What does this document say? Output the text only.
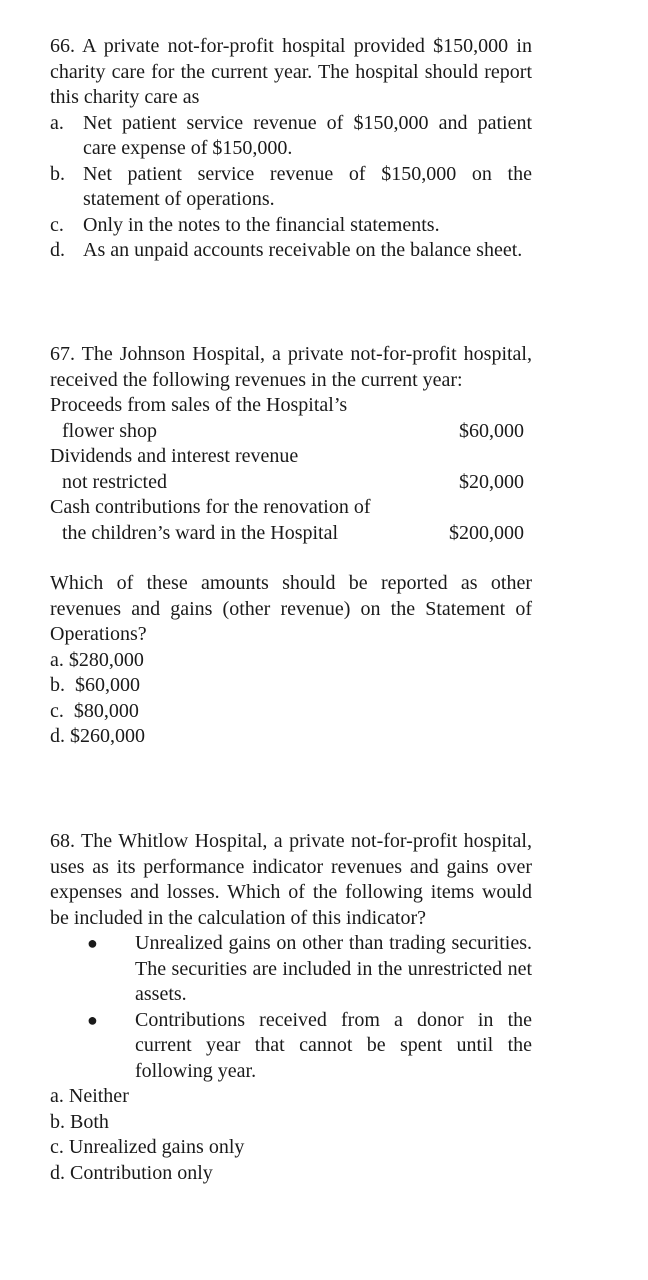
66. A private not-for-profit hospital provided $150,000 in charity care for the current year. The hospital should report this charity care as

a. Net patient service revenue of $150,000 and patient care expense of $150,000.
b. Net patient service revenue of $150,000 on the statement of operations.
c. Only in the notes to the financial statements.
d. As an unpaid accounts receivable on the balance sheet.

67. The Johnson Hospital, a private not-for-profit hospital, received the following revenues in the current year:

Proceeds from sales of the Hospital’s
flower shop	$60,000
Dividends and interest revenue
not restricted	$20,000
Cash contributions for the renovation of
the children’s ward in the Hospital	$200,000

Which of these amounts should be reported as other revenues and gains (other revenue) on the Statement of Operations?

a. $280,000

b.  $60,000

c.  $80,000

d. $260,000

68. The Whitlow Hospital, a private not-for-profit hospital, uses as its performance indicator revenues and gains over expenses and losses. Which of the following items would be included in the calculation of this indicator?

●	Unrealized gains on other than trading securities. The securities are included in the unrestricted net assets.
●	Contributions received from a donor in the current year that cannot be spent until the following year.

a. Neither

b. Both

c. Unrealized gains only

d. Contribution only
